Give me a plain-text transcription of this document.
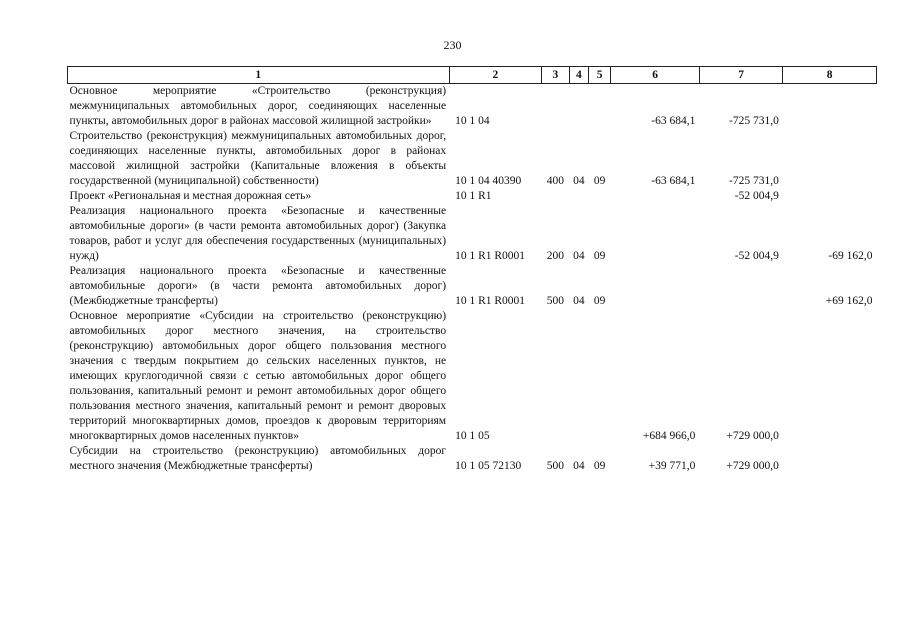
230
1	2	3	4	5	6	7	8
Основное мероприятие «Строительство (реконструкция) межмуниципальных автомобильных дорог, соединяющих населенные пункты, автомобильных дорог в районах массовой жилищной застройки»	10 1 04				-63 684,1	-725 731,0	
Строительство (реконструкция) межмуниципальных автомобильных дорог, соединяющих населенные пункты, автомобильных дорог в районах массовой жилищной застройки (Капитальные вложения в объекты государственной (муниципальной) собственности)	10 1 04 40390	400	04	09	-63 684,1	-725 731,0	
Проект «Региональная и местная дорожная сеть»	10 1 R1					-52 004,9	
Реализация национального проекта «Безопасные и качественные автомобильные дороги» (в части ремонта автомобильных дорог) (Закупка товаров, работ и услуг для обеспечения государственных (муниципальных) нужд)	10 1 R1 R0001	200	04	09		-52 004,9	-69 162,0
Реализация национального проекта «Безопасные и качественные автомобильные дороги» (в части ремонта автомобильных дорог) (Межбюджетные трансферты)	10 1 R1 R0001	500	04	09			+69 162,0
Основное мероприятие «Субсидии на строительство (реконструкцию) автомобильных дорог местного значения, на строительство (реконструкцию) автомобильных дорог общего пользования местного значения с твердым покрытием до сельских населенных пунктов, не имеющих круглогодичной связи с сетью автомобильных дорог общего пользования, капитальный ремонт и ремонт автомобильных дорог общего пользования местного значения, капитальный ремонт и ремонт дворовых территорий многоквартирных домов, проездов к дворовым территориям многоквартирных домов населенных пунктов»	10 1 05				+684 966,0	+729 000,0	
Субсидии на строительство (реконструкцию) автомобильных дорог местного значения (Межбюджетные трансферты)	10 1 05 72130	500	04	09	+39 771,0	+729 000,0	
